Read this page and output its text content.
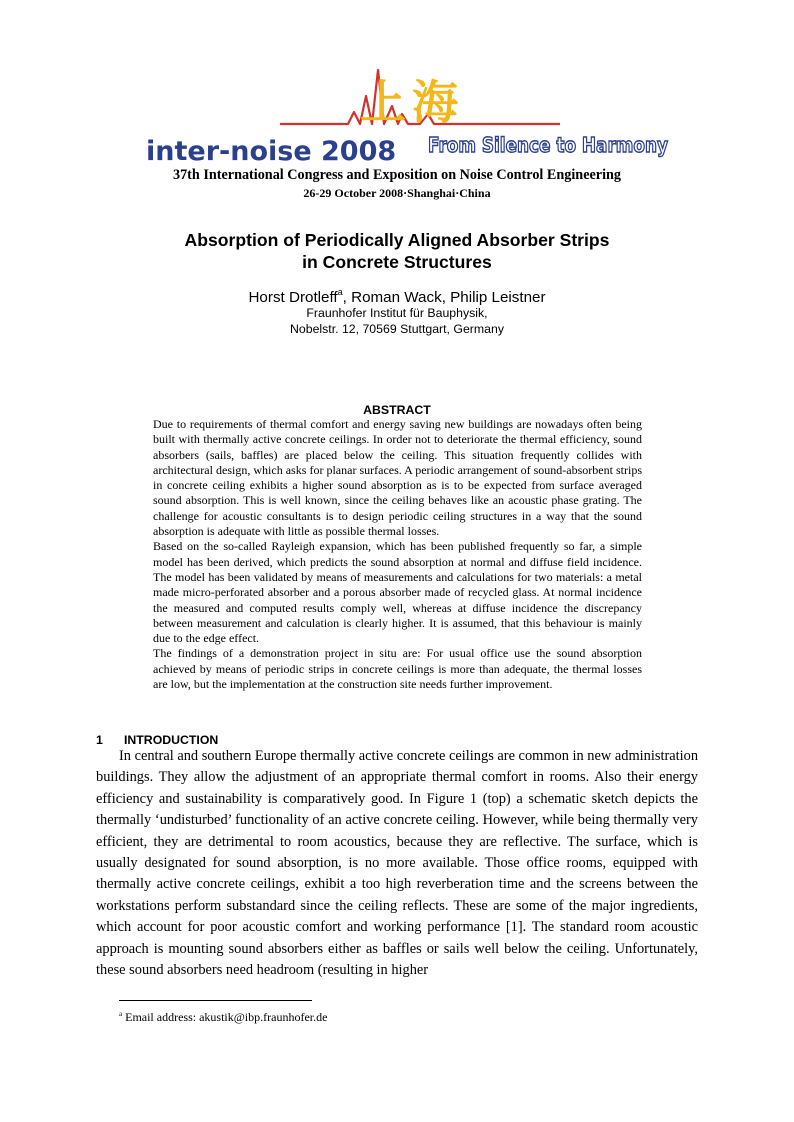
上海
inter-noise 2008 From Silence to Harmony
37th International Congress and Exposition on Noise Control Engineering
26-29 October 2008·Shanghai·China
Absorption of Periodically Aligned Absorber Strips
in Concrete Structures
Horst Drotleff$^a$, Roman Wack, Philip Leistner
Fraunhofer Institut für Bauphysik,
Nobelstr. 12, 70569 Stuttgart, Germany
ABSTRACT

Due to requirements of thermal comfort and energy saving new buildings are nowadays often being built with thermally active concrete ceilings. In order not to deteriorate the thermal efficiency, sound absorbers (sails, baffles) are placed below the ceiling. This situation frequently collides with architectural design, which asks for planar surfaces. A periodic arrangement of sound-absorbent strips in concrete ceiling exhibits a higher sound absorption as is to be expected from surface averaged sound absorption. This is well known, since the ceiling behaves like an acoustic phase grating. The challenge for acoustic consultants is to design periodic ceiling structures in a way that the sound absorption is adequate with little as possible thermal losses.

Based on the so-called Rayleigh expansion, which has been published frequently so far, a simple model has been derived, which predicts the sound absorption at normal and diffuse field incidence. The model has been validated by means of measurements and calculations for two materials: a metal made micro-perforated absorber and a porous absorber made of recycled glass. At normal incidence the measured and computed results comply well, whereas at diffuse incidence the discrepancy between measurement and calculation is clearly higher. It is assumed, that this behaviour is mainly due to the edge effect.

The findings of a demonstration project in situ are: For usual office use the sound absorption achieved by means of periodic strips in concrete ceilings is more than adequate, the thermal losses are low, but the implementation at the construction site needs further improvement.

1 INTRODUCTION

In central and southern Europe thermally active concrete ceilings are common in new administration buildings. They allow the adjustment of an appropriate thermal comfort in rooms. Also their energy efficiency and sustainability is comparatively good. In Figure 1 (top) a schematic sketch depicts the thermally ‘undisturbed’ functionality of an active concrete ceiling. However, while being thermally very efficient, they are detrimental to room acoustics, because they are reflective. The surface, which is usually designated for sound absorption, is no more available. Those office rooms, equipped with thermally active concrete ceilings, exhibit a too high reverberation time and the screens between the workstations perform substandard since the ceiling reflects. These are some of the major ingredients, which account for poor acoustic comfort and working performance [1]. The standard room acoustic approach is mounting sound absorbers either as baffles or sails well below the ceiling. Unfortunately, these sound absorbers need headroom (resulting in higher

$^a$ Email address: akustik@ibp.fraunhofer.de
